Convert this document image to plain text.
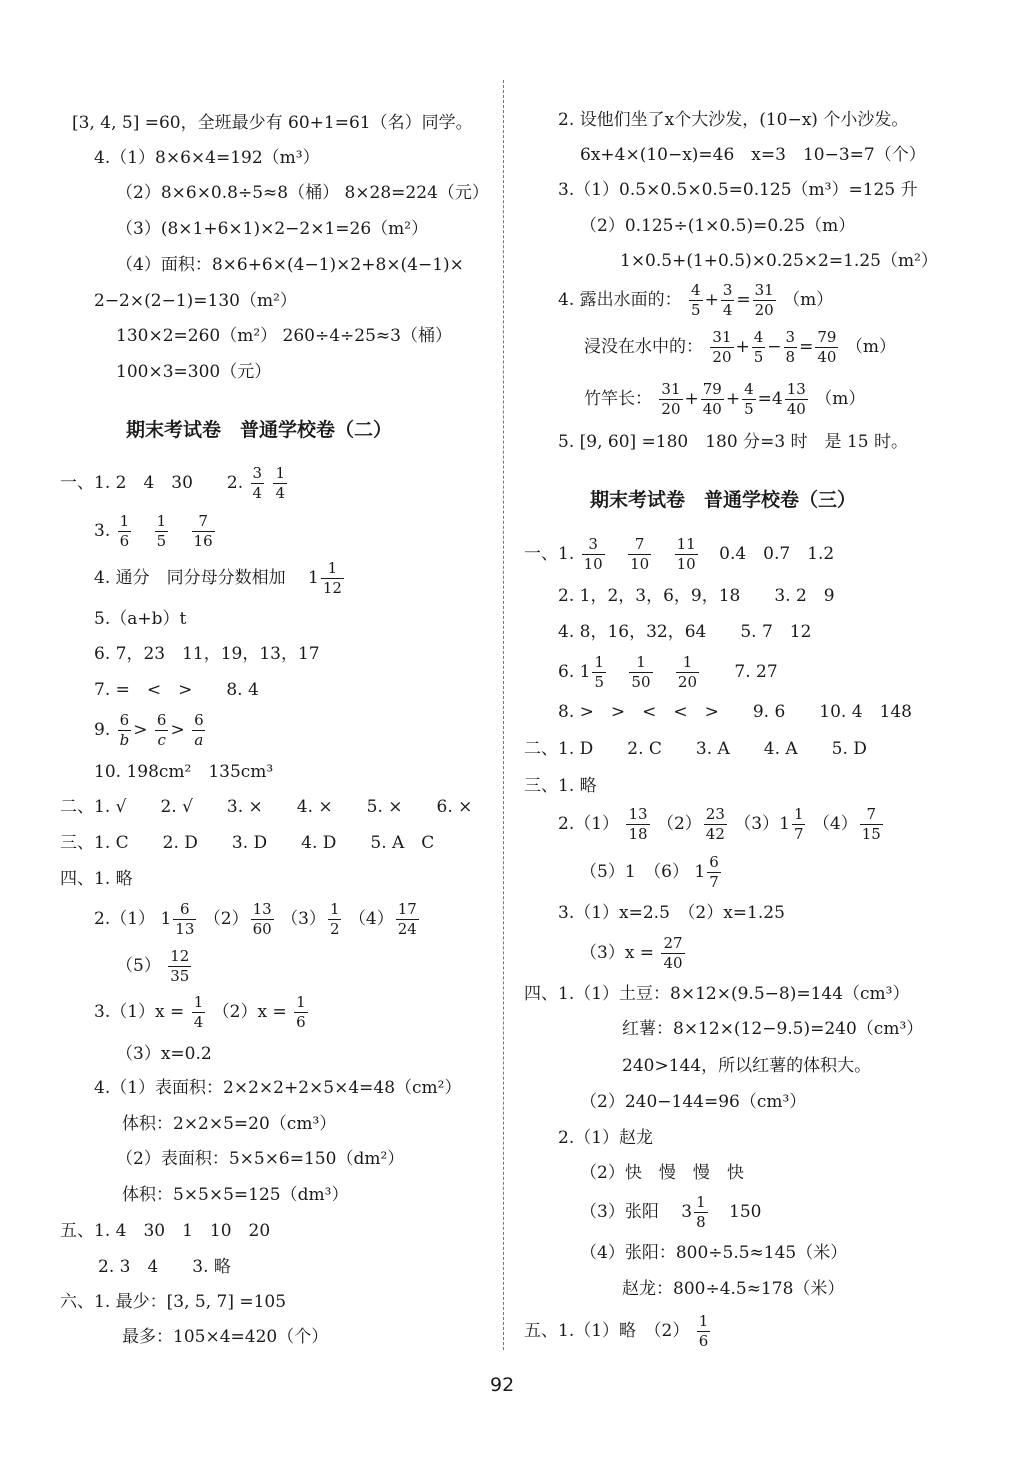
[3, 4, 5] =60，全班最少有 60+1=61（名）同学。
4.（1）8×6×4=192（m³）
（2）8×6×0.8÷5≈8（桶） 8×28=224（元）
（3）(8×1+6×1)×2−2×1=26（m²）
（4）面积：8×6+6×(4−1)×2+8×(4−1)×
2−2×(2−1)=130（m²）
130×2=260（m²） 260÷4÷25≈3（桶）
100×3=300（元）
期末考试卷　普通学校卷（二）
一、1. 2　4　30　　2. $\frac{3}{4}$
$\frac{1}{4}$
3. $\frac{1}{6}$
$\frac{1}{5}$
$\frac{7}{16}$
4. 通分　同分母分数相加　 $1 \frac{1}{12}$
5.（a+b）t
6. 7，23　11，19，13，17
7. =　<　>　　8. 4
9. $\frac{6}{b} > \frac{6}{c} > \frac{6}{a}$
10. 198cm²　135cm³
二、1. √　　2. √　　3. ×　　4. ×　　5. ×　　6. ×
三、1. C　　2. D　　3. D　　4. D　　5. A　C
四、1. 略
2.（1） $1 \frac{6}{13} (2) \frac{13}{60} (3) \frac{1}{2} (4) \frac{17}{24}$
$(5) \frac{12}{35}$
$3.(1)x = \frac{1}{4} (2)x = \frac{1}{6}$
（3）x=0.2
4.（1）表面积：2×2×2+2×5×4=48（cm²）
体积：2×2×5=20（cm³）
（2）表面积：5×5×6=150（dm²）
体积：5×5×5=125（dm³）
五、1. 4　30　1　10　20
2. 3　4　　3. 略
六、1. 最少：[3, 5, 7] =105
最多：105×4=420（个）
2. 设他们坐了x个大沙发，(10−x) 个小沙发。
6x+4×(10−x)=46　x=3　10−3=7（个）
3.（1）0.5×0.5×0.5=0.125（m³）=125 升
（2）0.125÷(1×0.5)=0.25（m）
1×0.5+(1+0.5)×0.25×2=1.25（m²）
4. 露出水面的： $\frac{4}{5} + \frac{3}{4} = \frac{31}{20} (m)$
浸没在水中的： $\frac{31}{20} + \frac{4}{5} - \frac{3}{8} = \frac{79}{40} (m)$
竹竿长： $\frac{31}{20} + \frac{79}{40} + \frac{4}{5} = 4 \frac{13}{40} (m)$
5. [9, 60] =180　180 分=3 时　是 15 时。
期末考试卷　普通学校卷（三）
一、1. $\frac{3}{10}$
$\frac{7}{10}$
$\frac{11}{10} 0.4$　0.7　1.2
2. 1，2，3，6，9，18　　3. 2　9
4. 8，16，32，64　　5. 7　12
6. $1 \frac{1}{5}$
$\frac{1}{50}$
$\frac{1}{20} 7$. 27
8. >　>　<　<　>　　9. 6　　10. 4　148
二、1. D　　2. C　　3. A　　4. A　　5. D
三、1. 略
$2.(1) \frac{13}{18} (2) \frac{23}{42} (3)$ $1 \frac{1}{7} (4) \frac{7}{15}$
（5）1　（6） $1 \frac{6}{7}$
3.（1）x=2.5　（2）x=1.25
$(3)x = \frac{27}{40}$
四、1.（1）土豆：8×12×(9.5−8)=144（cm³）
红薯：8×12×(12−9.5)=240（cm³）
240>144，所以红薯的体积大。
（2）240−144=96（cm³）
2.（1）赵龙
（2）快　慢　慢　快
（3）张阳　 $3 \frac{1}{8} 150$
（4）张阳：800÷5.5≈145（米）
赵龙：800÷4.5≈178（米）
五、1.（1）略　$(2) \frac{1}{6}$
92
